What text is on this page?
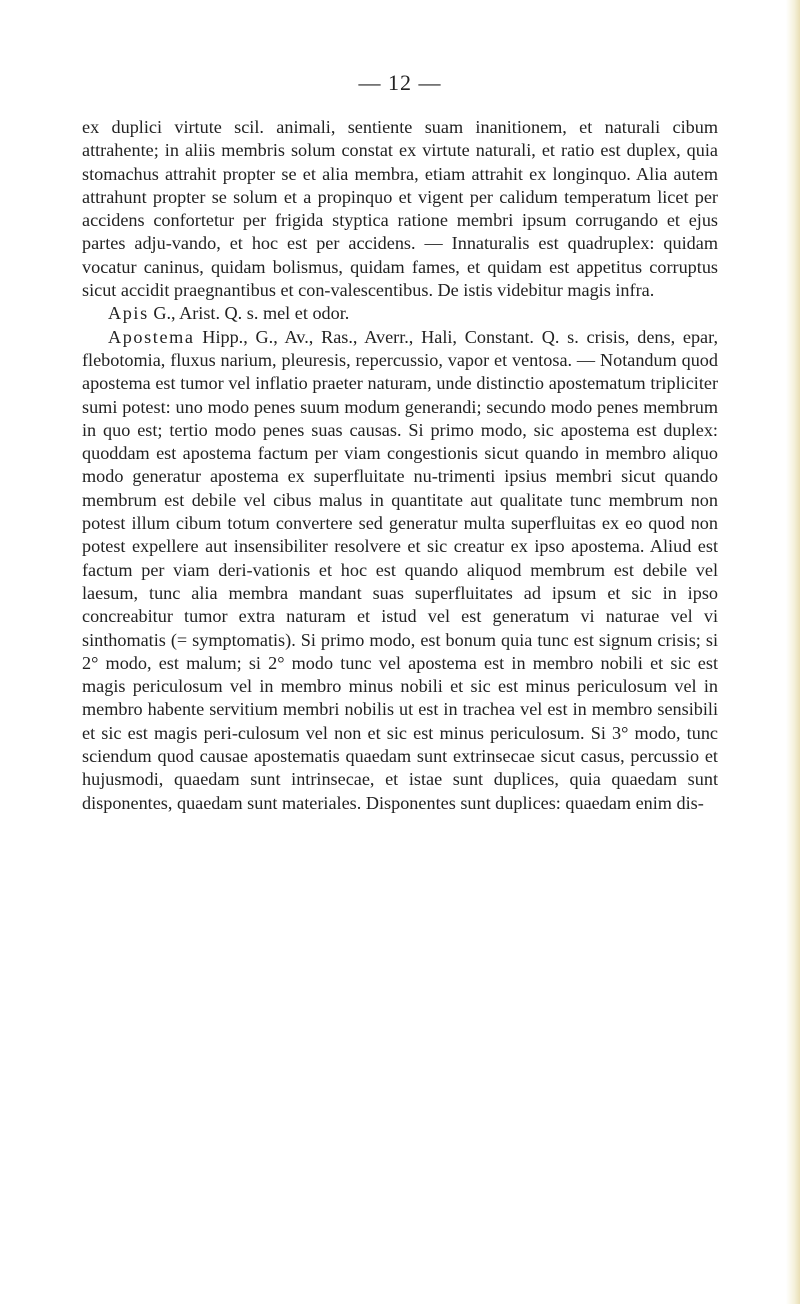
— 12 —

ex duplici virtute scil. animali, sentiente suam inanitionem, et naturali cibum attrahente; in aliis membris solum constat ex virtute naturali, et ratio est duplex, quia stomachus attrahit propter se et alia membra, etiam attrahit ex longinquo. Alia autem attrahunt propter se solum et a propinquo et vigent per calidum temperatum licet per accidens confortetur per frigida styptica ratione membri ipsum corrugando et ejus partes adju-vando, et hoc est per accidens. — Innaturalis est quadruplex: quidam vocatur caninus, quidam bolismus, quidam fames, et quidam est appetitus corruptus sicut accidit praegnantibus et con-valescentibus. De istis videbitur magis infra.

Apis G., Arist. Q. s. mel et odor.

Apostema Hipp., G., Av., Ras., Averr., Hali, Constant. Q. s. crisis, dens, epar, flebotomia, fluxus narium, pleuresis, repercussio, vapor et ventosa. — Notandum quod apostema est tumor vel inflatio praeter naturam, unde distinctio apostematum tripliciter sumi potest: uno modo penes suum modum generandi; secundo modo penes membrum in quo est; tertio modo penes suas causas. Si primo modo, sic apostema est duplex: quoddam est apostema factum per viam congestionis sicut quando in membro aliquo modo generatur apostema ex superfluitate nu-trimenti ipsius membri sicut quando membrum est debile vel cibus malus in quantitate aut qualitate tunc membrum non potest illum cibum totum convertere sed generatur multa superfluitas ex eo quod non potest expellere aut insensibiliter resolvere et sic creatur ex ipso apostema. Aliud est factum per viam deri-vationis et hoc est quando aliquod membrum est debile vel laesum, tunc alia membra mandant suas superfluitates ad ipsum et sic in ipso concreabitur tumor extra naturam et istud vel est generatum vi naturae vel vi sinthomatis (= symptomatis). Si primo modo, est bonum quia tunc est signum crisis; si 2° modo, est malum; si 2° modo tunc vel apostema est in membro nobili et sic est magis periculosum vel in membro minus nobili et sic est minus periculosum vel in membro habente servitium membri nobilis ut est in trachea vel est in membro sensibili et sic est magis peri-culosum vel non et sic est minus periculosum. Si 3° modo, tunc sciendum quod causae apostematis quaedam sunt extrinsecae sicut casus, percussio et hujusmodi, quaedam sunt intrinsecae, et istae sunt duplices, quia quaedam sunt disponentes, quaedam sunt materiales. Disponentes sunt duplices: quaedam enim dis-
